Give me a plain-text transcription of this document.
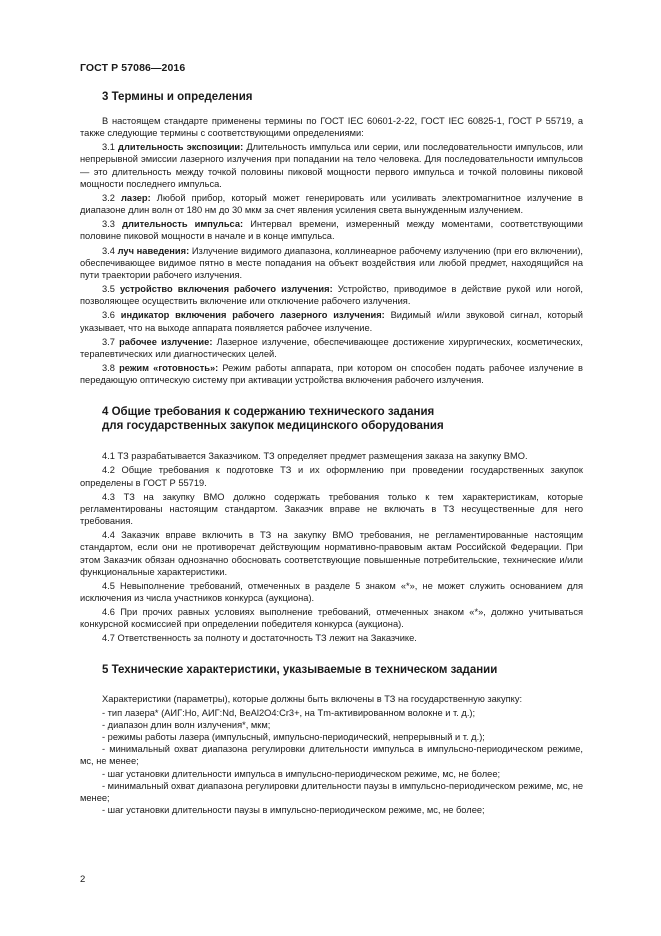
ГОСТ Р 57086—2016
3 Термины и определения

В настоящем стандарте применены термины по ГОСТ IEC 60601-2-22, ГОСТ IEC 60825-1, ГОСТ Р 55719, а также следующие термины с соответствующими определениями:

3.1 длительность экспозиции: Длительность импульса или серии, или последовательности импульсов, или непрерывной эмиссии лазерного излучения при попадании на тело человека. Для последовательности импульсов — это длительность между точкой половины пиковой мощности первого импульса и точкой половины пиковой мощности последнего импульса.

3.2 лазер: Любой прибор, который может генерировать или усиливать электромагнитное излучение в диапазоне длин волн от 180 нм до 30 мкм за счет явления усиления света вынужденным излучением.

3.3 длительность импульса: Интервал времени, измеренный между моментами, соответствующими половине пиковой мощности в начале и в конце импульса.

3.4 луч наведения: Излучение видимого диапазона, коллинеарное рабочему излучению (при его включении), обеспечивающее видимое пятно в месте попадания на объект воздействия или любой предмет, находящийся на пути траектории рабочего излучения.

3.5 устройство включения рабочего излучения: Устройство, приводимое в действие рукой или ногой, позволяющее осуществить включение или отключение рабочего излучения.

3.6 индикатор включения рабочего лазерного излучения: Видимый и/или звуковой сигнал, который указывает, что на выходе аппарата появляется рабочее излучение.

3.7 рабочее излучение: Лазерное излучение, обеспечивающее достижение хирургических, косметических, терапевтических или диагностических целей.

3.8 режим «готовность»: Режим работы аппарата, при котором он способен подать рабочее излучение в передающую оптическую систему при активации устройства включения рабочего излучения.

4 Общие требования к содержанию технического задания
для государственных закупок медицинского оборудования

4.1 ТЗ разрабатывается Заказчиком. ТЗ определяет предмет размещения заказа на закупку ВМО.

4.2 Общие требования к подготовке ТЗ и их оформлению при проведении государственных закупок определены в ГОСТ Р 55719.

4.3 ТЗ на закупку ВМО должно содержать требования только к тем характеристикам, которые регламентированы настоящим стандартом. Заказчик вправе не включать в ТЗ несущественные для него требования.

4.4 Заказчик вправе включить в ТЗ на закупку ВМО требования, не регламентированные настоящим стандартом, если они не противоречат действующим нормативно-правовым актам Российской Федерации. При этом Заказчик обязан однозначно обосновать соответствующие повышенные потребительские, технические и/или функциональные характеристики.

4.5 Невыполнение требований, отмеченных в разделе 5 знаком «*», не может служить основанием для исключения из числа участников конкурса (аукциона).

4.6 При прочих равных условиях выполнение требований, отмеченных знаком «*», должно учитываться конкурсной космиссией при определении победителя конкурса (аукциона).

4.7 Ответственность за полноту и достаточность ТЗ лежит на Заказчике.

5 Технические характеристики, указываемые в техническом задании

Характеристики (параметры), которые должны быть включены в ТЗ на государственную закупку:

- тип лазера* (АИГ:Ho, АИГ:Nd, BeAl2O4:Cr3+, на Tm-активированном волокне и т. д.);

- диапазон длин волн излучения*, мкм;

- режимы работы лазера (импульсный, импульсно-периодический, непрерывный и т. д.);

- минимальный охват диапазона регулировки длительности импульса в импульсно-периодическом режиме, мс, не менее;

- шаг установки длительности импульса в импульсно-периодическом режиме, мс, не более;

- минимальный охват диапазона регулировки длительности паузы в импульсно-периодическом режиме, мс, не менее;

- шаг установки длительности паузы в импульсно-периодическом режиме, мс, не более;

2
